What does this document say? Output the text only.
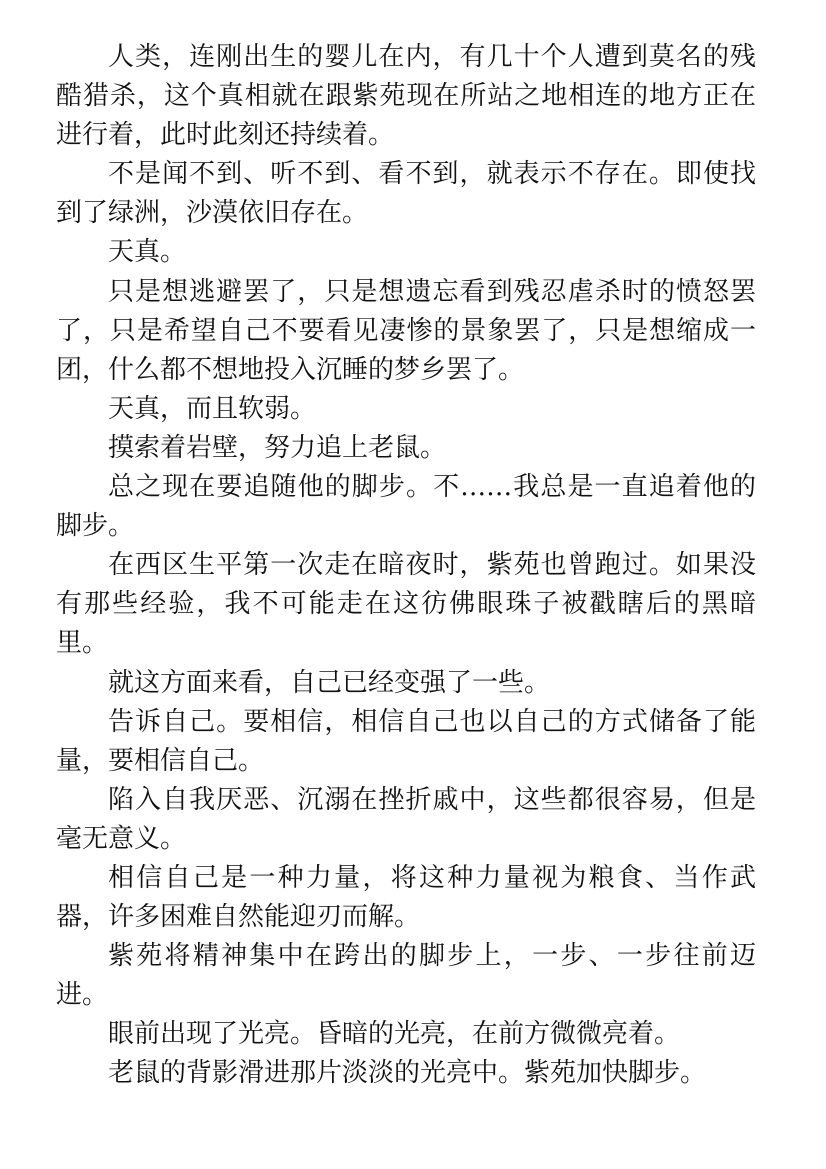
人类，连刚出生的婴儿在内，有几十个人遭到莫名的残酷猎杀，这个真相就在跟紫苑现在所站之地相连的地方正在进行着，此时此刻还持续着。

不是闻不到、听不到、看不到，就表示不存在。即使找到了绿洲，沙漠依旧存在。

天真。

只是想逃避罢了，只是想遗忘看到残忍虐杀时的愤怒罢了，只是希望自己不要看见凄惨的景象罢了，只是想缩成一团，什么都不想地投入沉睡的梦乡罢了。

天真，而且软弱。

摸索着岩壁，努力追上老鼠。

总之现在要追随他的脚步。不……我总是一直追着他的脚步。

在西区生平第一次走在暗夜时，紫苑也曾跑过。如果没有那些经验，我不可能走在这彷佛眼珠子被戳瞎后的黑暗里。

就这方面来看，自己已经变强了一些。

告诉自己。要相信，相信自己也以自己的方式储备了能量，要相信自己。

陷入自我厌恶、沉溺在挫折戚中，这些都很容易，但是毫无意义。

相信自己是一种力量，将这种力量视为粮食、当作武器，许多困难自然能迎刃而解。

紫苑将精神集中在跨出的脚步上，一步、一步往前迈进。

眼前出现了光亮。昏暗的光亮，在前方微微亮着。

老鼠的背影滑进那片淡淡的光亮中。紫苑加快脚步。
